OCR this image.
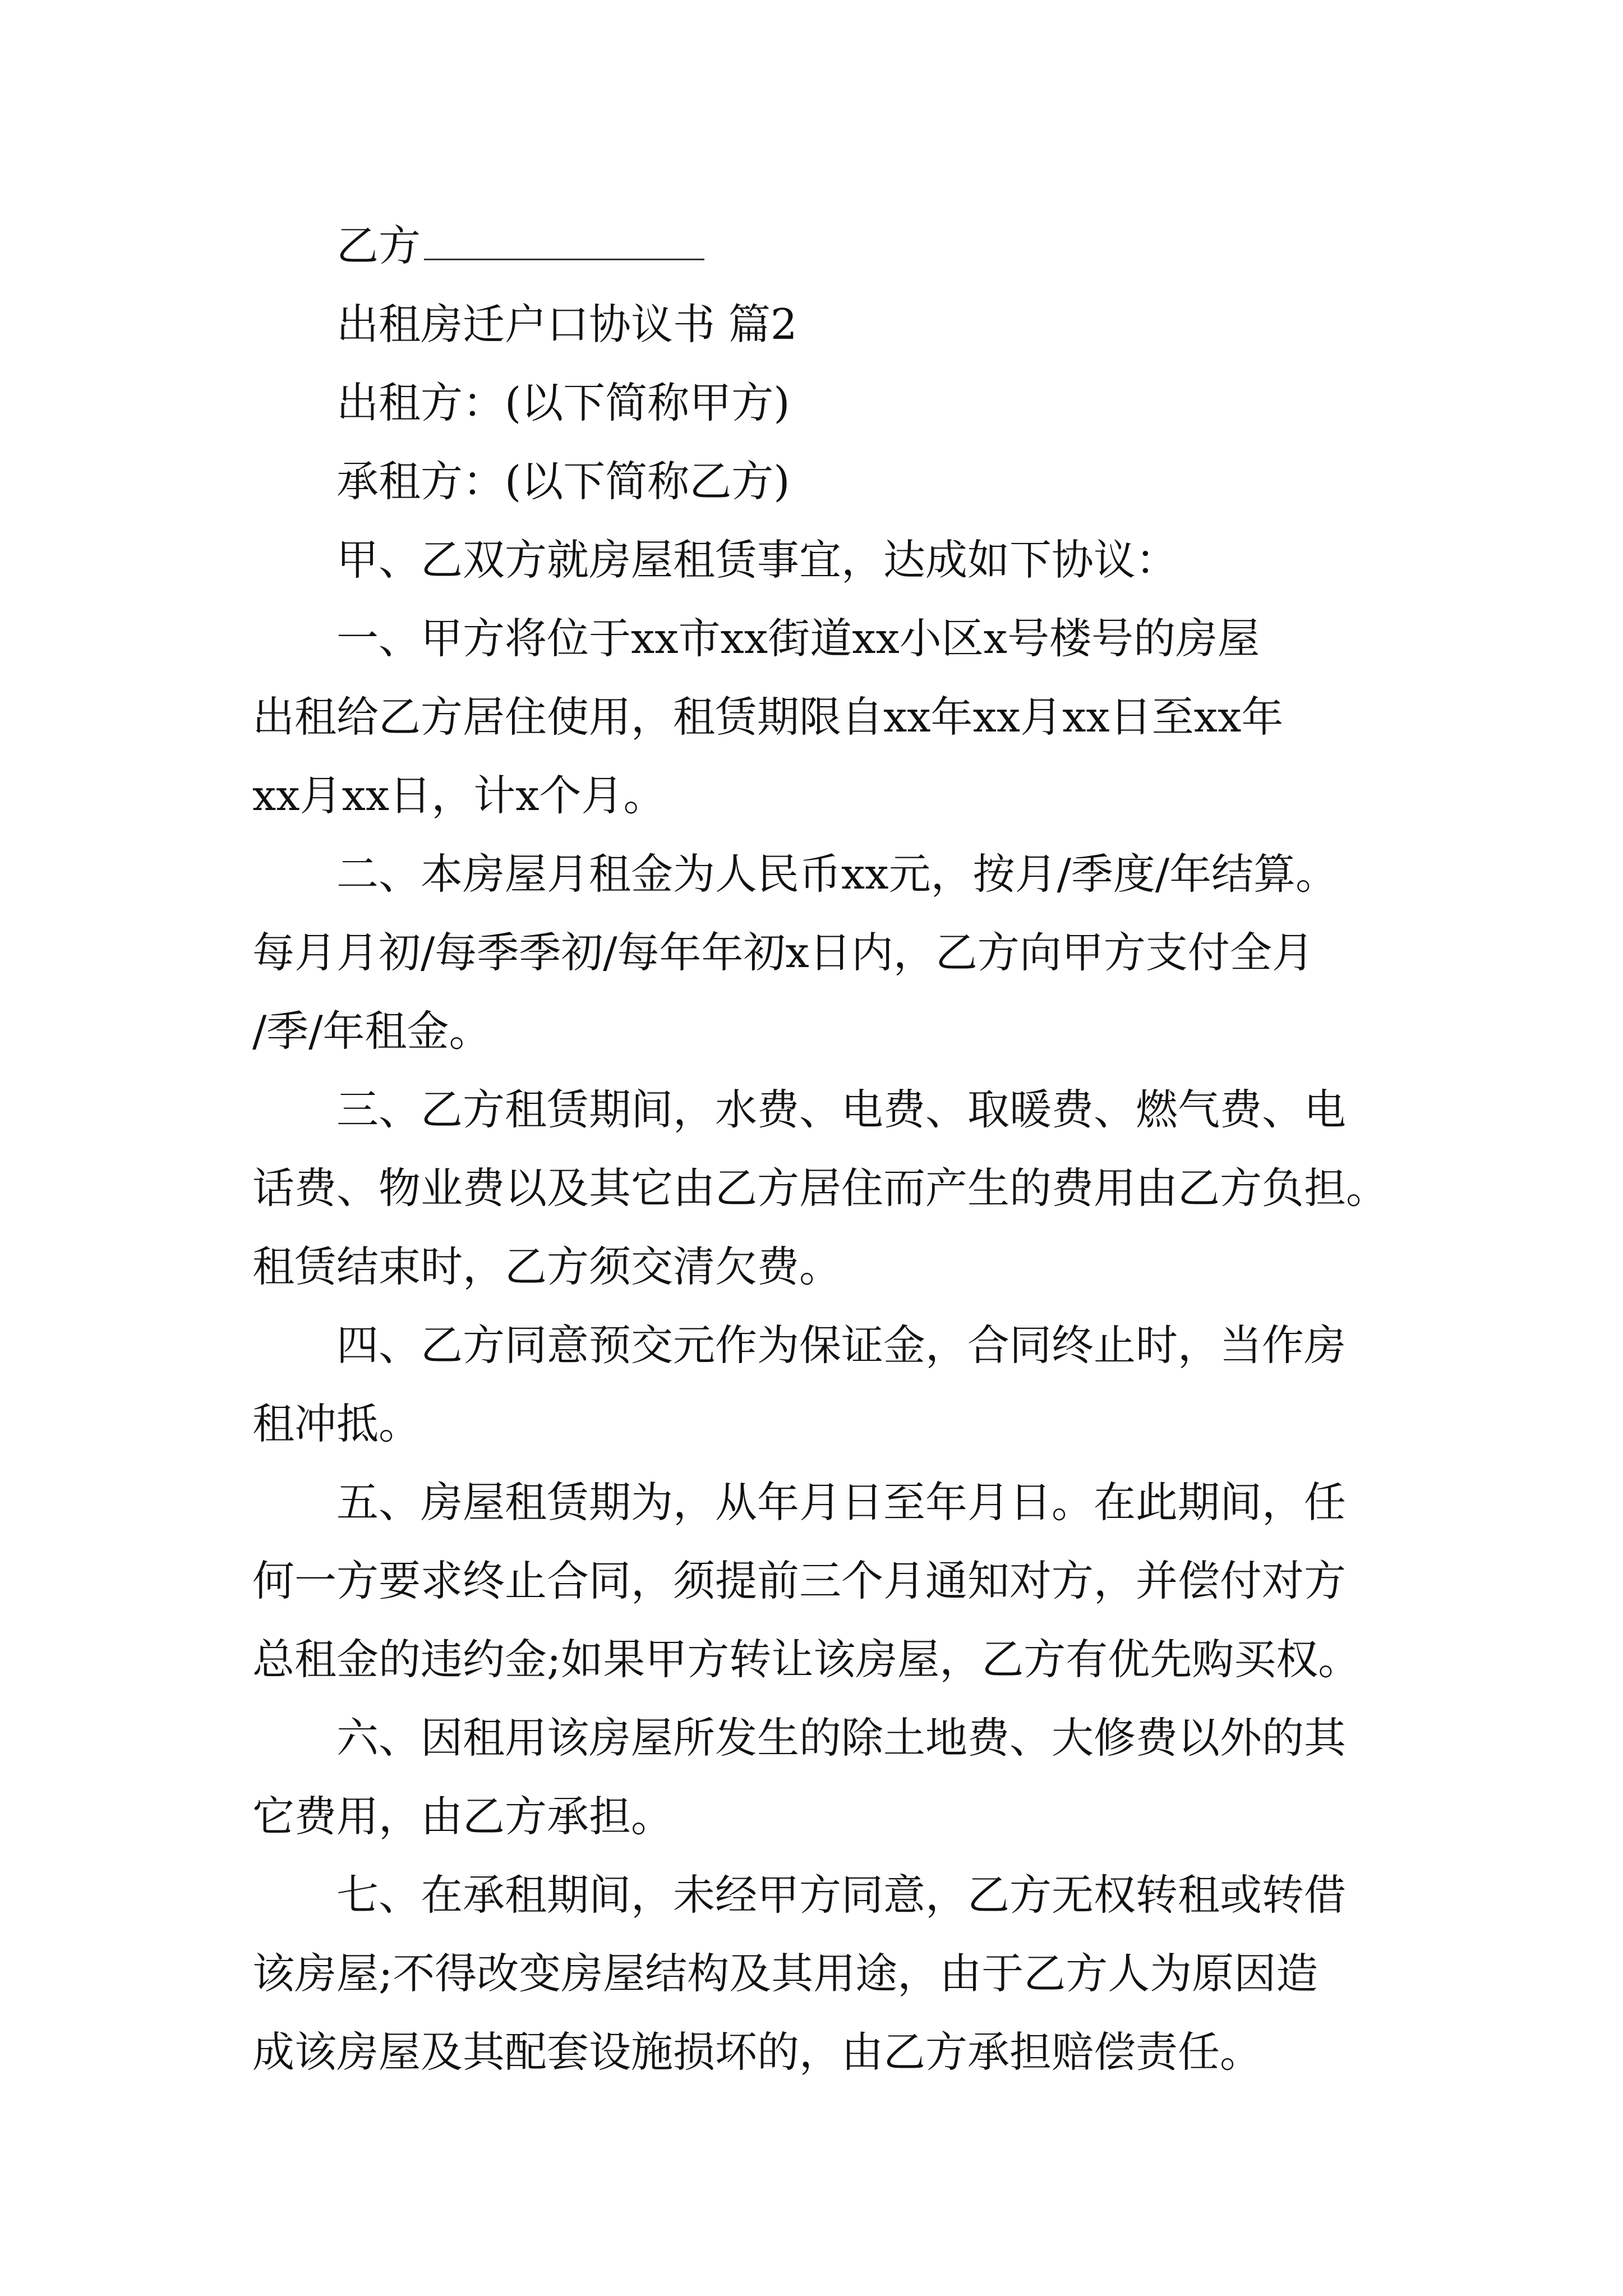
乙方
出租房迁户口协议书 篇2
出租方：(以下简称甲方)
承租方：(以下简称乙方)
甲、乙双方就房屋租赁事宜，达成如下协议：
一、甲方将位于xx市xx街道xx小区x号楼号的房屋
出租给乙方居住使用，租赁期限自xx年xx月xx日至xx年
xx月xx日，计x个月。
二、本房屋月租金为人民币xx元，按月/季度/年结算。
每月月初/每季季初/每年年初x日内，乙方向甲方支付全月
/季/年租金。
三、乙方租赁期间，水费、电费、取暖费、燃气费、电
话费、物业费以及其它由乙方居住而产生的费用由乙方负担。
租赁结束时，乙方须交清欠费。
四、乙方同意预交元作为保证金，合同终止时，当作房
租冲抵。
五、房屋租赁期为，从年月日至年月日。在此期间，任
何一方要求终止合同，须提前三个月通知对方，并偿付对方
总租金的违约金;如果甲方转让该房屋，乙方有优先购买权。
六、因租用该房屋所发生的除土地费、大修费以外的其
它费用，由乙方承担。
七、在承租期间，未经甲方同意，乙方无权转租或转借
该房屋;不得改变房屋结构及其用途，由于乙方人为原因造
成该房屋及其配套设施损坏的，由乙方承担赔偿责任。
